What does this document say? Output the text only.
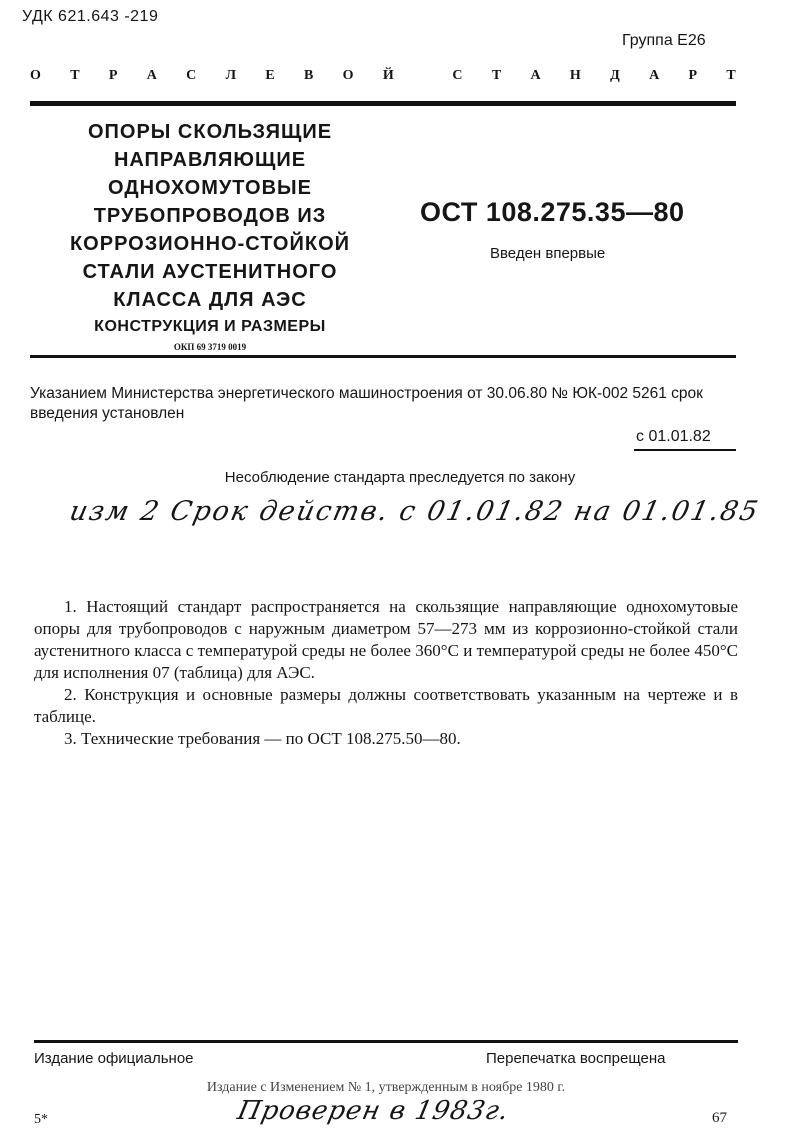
УДК 621.643 -219
Группа Е26
О Т Р А С Л Е В О Й	С Т А Н Д А Р Т
ОПОРЫ СКОЛЬЗЯЩИЕ
НАПРАВЛЯЮЩИЕ
ОДНОХОМУТОВЫЕ
ТРУБОПРОВОДОВ ИЗ
КОРРОЗИОННО-СТОЙКОЙ
СТАЛИ АУСТЕНИТНОГО
КЛАССА ДЛЯ АЭС
КОНСТРУКЦИЯ И РАЗМЕРЫ
ОКП 69 3719 0019
ОСТ 108.275.35—80
Введен впервые
Указанием Министерства энергетического машиностроения от 30.06.80 № ЮК-002 5261 срок введения установлен
с 01.01.82
Несоблюдение стандарта преследуется по закону
изм 2 Срок действ. с 01.01.82 на 01.01.85

1. Настоящий стандарт распространяется на скользящие направляющие однохомутовые опоры для трубопроводов с наружным диаметром 57—273 мм из коррозионно-стойкой стали аустенитного класса с температурой среды не более 360°С и температурой среды не более 450°С для исполнения 07 (таблица) для АЭС.

2. Конструкция и основные размеры должны соответствовать указанным на чертеже и в таблице.

3. Технические требования — по ОСТ 108.275.50—80.

Издание официальное	Перепечатка воспрещена
Издание с Изменением № 1, утвержденным в ноябре 1980 г.
5*	Проверен в 1983г.	67
